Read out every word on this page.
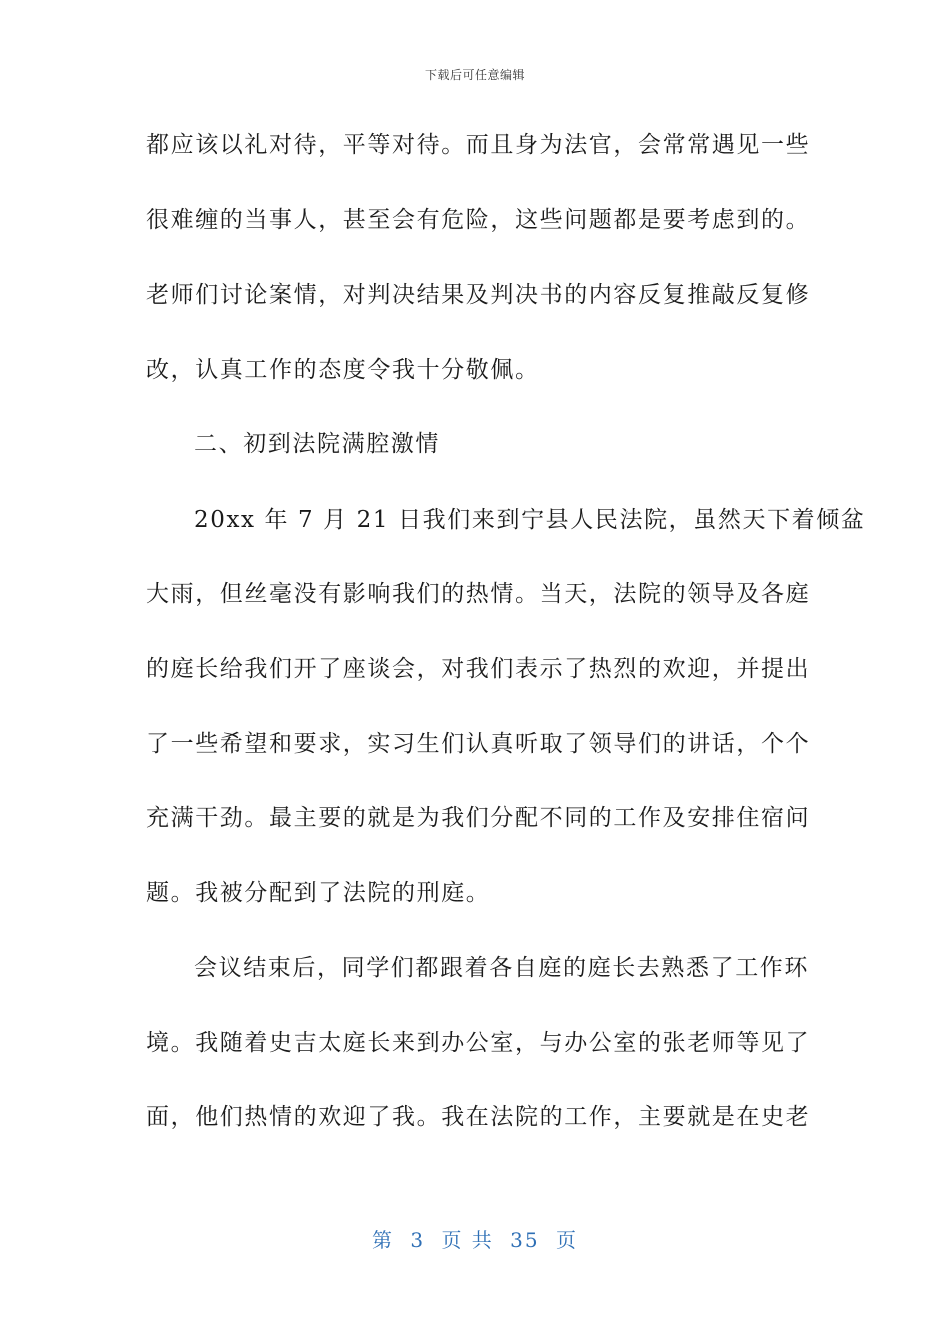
下载后可任意编辑
都应该以礼对待，平等对待。而且身为法官，会常常遇见一些
很难缠的当事人，甚至会有危险，这些问题都是要考虑到的。
老师们讨论案情，对判决结果及判决书的内容反复推敲反复修
改，认真工作的态度令我十分敬佩。
二、初到法院满腔激情
20xx 年 7 月 21 日我们来到宁县人民法院，虽然天下着倾盆
大雨，但丝毫没有影响我们的热情。当天，法院的领导及各庭
的庭长给我们开了座谈会，对我们表示了热烈的欢迎，并提出
了一些希望和要求，实习生们认真听取了领导们的讲话，个个
充满干劲。最主要的就是为我们分配不同的工作及安排住宿问
题。我被分配到了法院的刑庭。
会议结束后，同学们都跟着各自庭的庭长去熟悉了工作环
境。我随着史吉太庭长来到办公室，与办公室的张老师等见了
面，他们热情的欢迎了我。我在法院的工作，主要就是在史老
第 3 页 共 35 页
